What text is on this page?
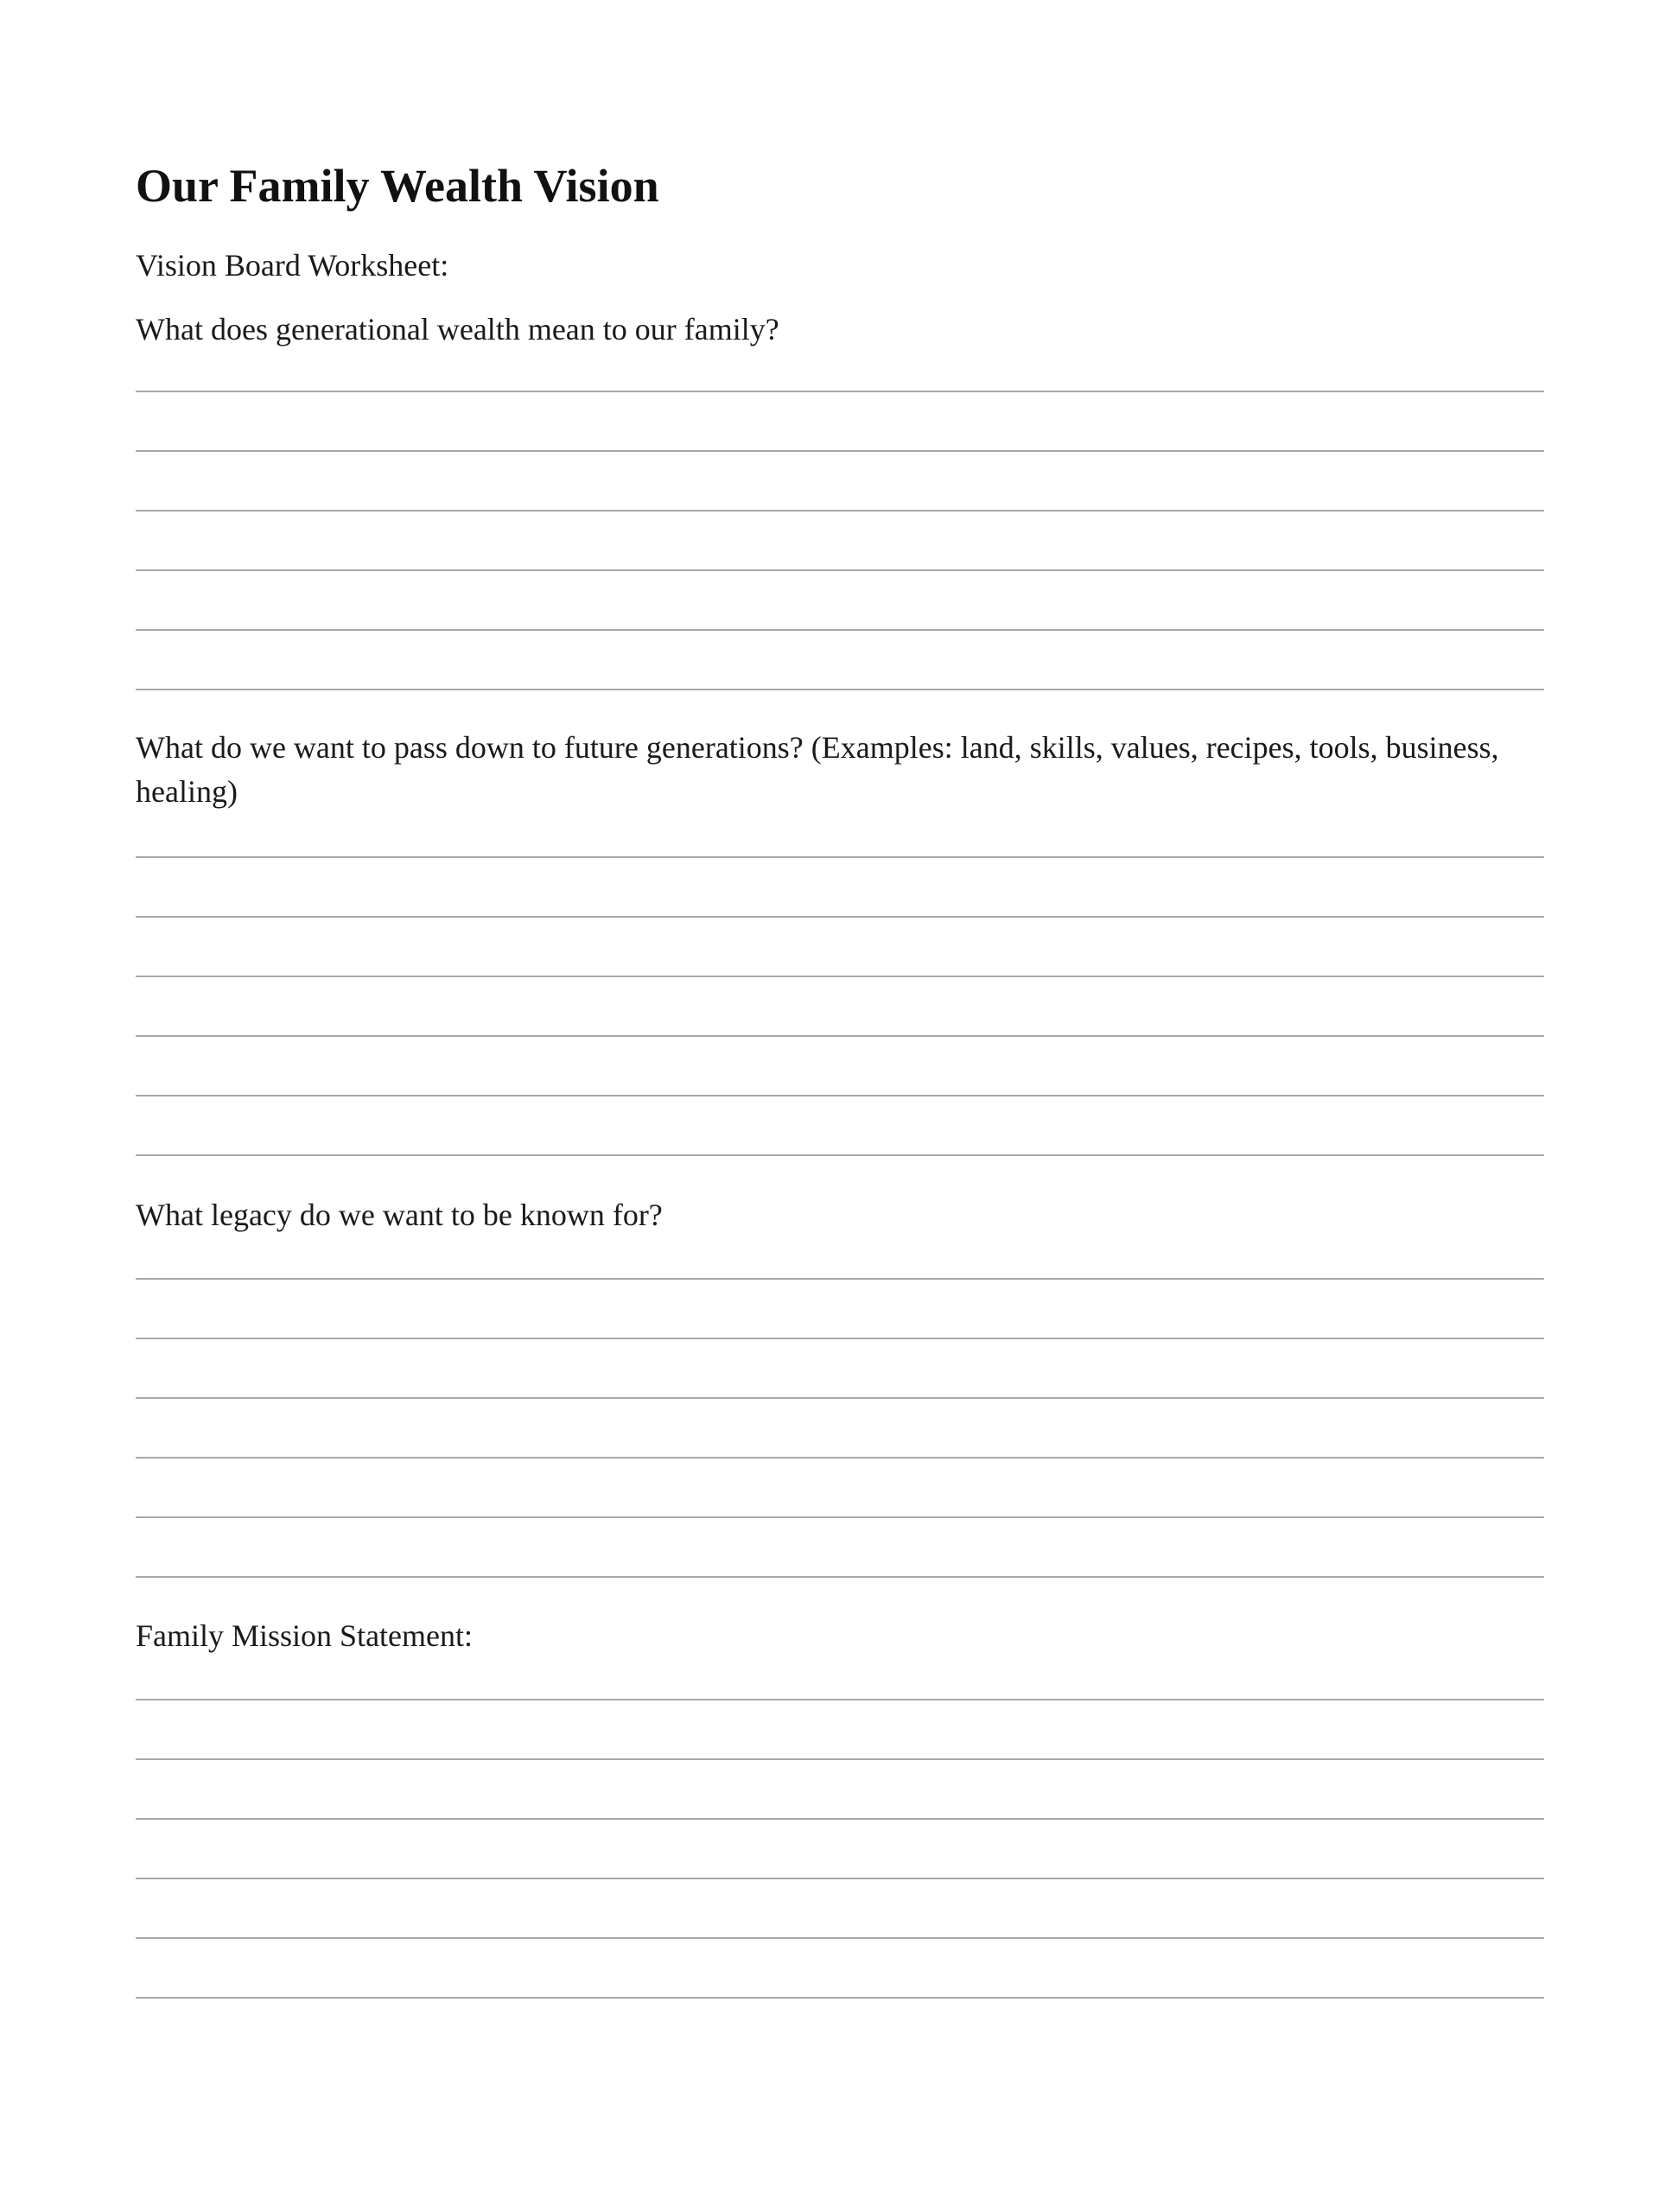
Our Family Wealth Vision

Vision Board Worksheet:

What does generational wealth mean to our family?

What do we want to pass down to future generations? (Examples: land, skills, values, recipes, tools, business, healing)

What legacy do we want to be known for?

Family Mission Statement:
